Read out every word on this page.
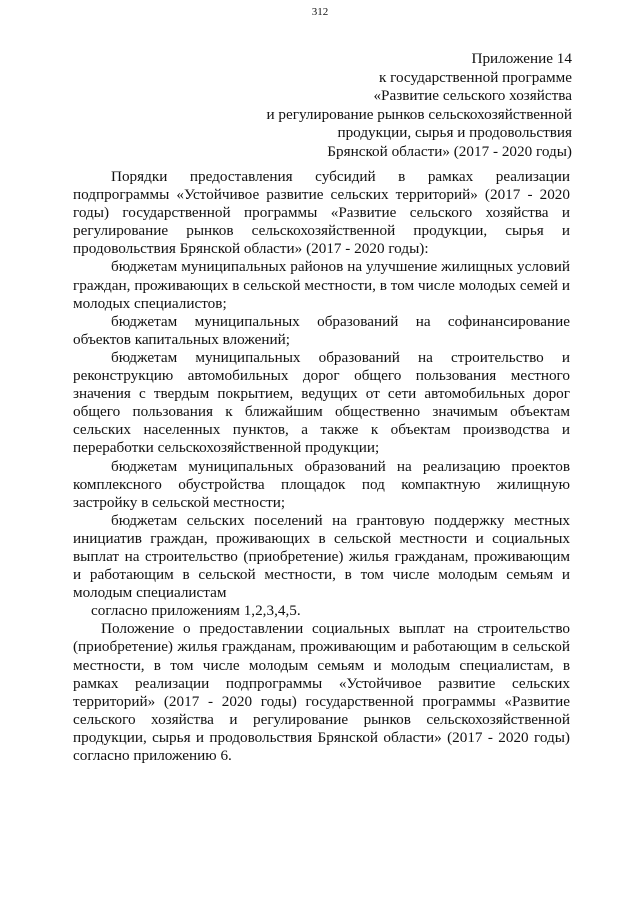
312
Приложение 14
к государственной программе
«Развитие сельского хозяйства
и регулирование рынков сельскохозяйственной
продукции, сырья и продовольствия
Брянской области» (2017 - 2020 годы)

Порядки предоставления субсидий в рамках реализации подпрограммы «Устойчивое развитие сельских территорий» (2017 - 2020 годы) государственной программы «Развитие сельского хозяйства и регулирование рынков сельскохозяйственной продукции, сырья и продовольствия Брянской области» (2017 - 2020 годы):

бюджетам муниципальных районов на улучшение жилищных условий граждан, проживающих в сельской местности, в том числе молодых семей и молодых специалистов;

бюджетам муниципальных образований на софинансирование объектов капитальных вложений;

бюджетам муниципальных образований на строительство и реконструкцию автомобильных дорог общего пользования местного значения с твердым покрытием, ведущих от сети автомобильных дорог общего пользования к ближайшим общественно значимым объектам сельских населенных пунктов, а также к объектам производства и переработки сельскохозяйственной продукции;

бюджетам муниципальных образований на реализацию проектов комплексного обустройства площадок под компактную жилищную застройку в сельской местности;

бюджетам сельских поселений на грантовую поддержку местных инициатив граждан, проживающих в сельской местности и социальных выплат на строительство (приобретение) жилья гражданам, проживающим и работающим в сельской местности, в том числе молодым семьям и молодым специалистам

согласно приложениям 1,2,3,4,5.

Положение о предоставлении социальных выплат на строительство (приобретение) жилья гражданам, проживающим и работающим в сельской местности, в том числе молодым семьям и молодым специалистам, в рамках реализации подпрограммы «Устойчивое развитие сельских территорий» (2017 - 2020 годы) государственной программы «Развитие сельского хозяйства и регулирование рынков сельскохозяйственной продукции, сырья и продовольствия Брянской области» (2017 - 2020 годы) согласно приложению 6.
